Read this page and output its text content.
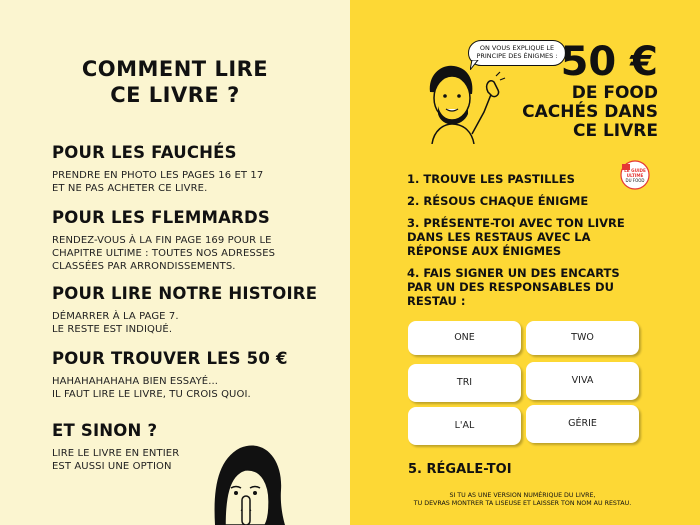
COMMENT LIRE
CE LIVRE ?

POUR LES FAUCHÉS

PRENDRE EN PHOTO LES PAGES 16 ET 17
ET NE PAS ACHETER CE LIVRE.

POUR LES FLEMMARDS

RENDEZ-VOUS À LA FIN PAGE 169 POUR LE
CHAPITRE ULTIME : TOUTES NOS ADRESSES
CLASSÉES PAR ARRONDISSEMENTS.

POUR LIRE NOTRE HISTOIRE

DÉMARRER À LA PAGE 7.
LE RESTE EST INDIQUÉ.

POUR TROUVER LES 50 €

HAHAHAHAHAHA BIEN ESSAYÉ...
IL FAUT LIRE LE LIVRE, TU CROIS QUOI.

ET SINON ?

LIRE LE LIVRE EN ENTIER
EST AUSSI UNE OPTION

ON VOUS EXPLIQUE LE PRINCIPE DES ÉNIGMES : 50 €
DE FOOD
CACHÉS DANS
CE LIVRE
LE GUIDE
ULTIME
DU FOOD

1. TROUVE LES PASTILLES

2. RÉSOUS CHAQUE ÉNIGME

3. PRÉSENTE-TOI AVEC TON LIVRE DANS LES RESTAUS AVEC LA RÉPONSE AUX ÉNIGMES

4. FAIS SIGNER UN DES ENCARTS PAR UN DES RESPONSABLES DU RESTAU :

ONE	TWO
TRI	VIVA
L'AL	GÉRIE
5. RÉGALE-TOI
SI TU AS UNE VERSION NUMÉRIQUE DU LIVRE,
TU DEVRAS MONTRER TA LISEUSE ET LAISSER TON NOM AU RESTAU.
